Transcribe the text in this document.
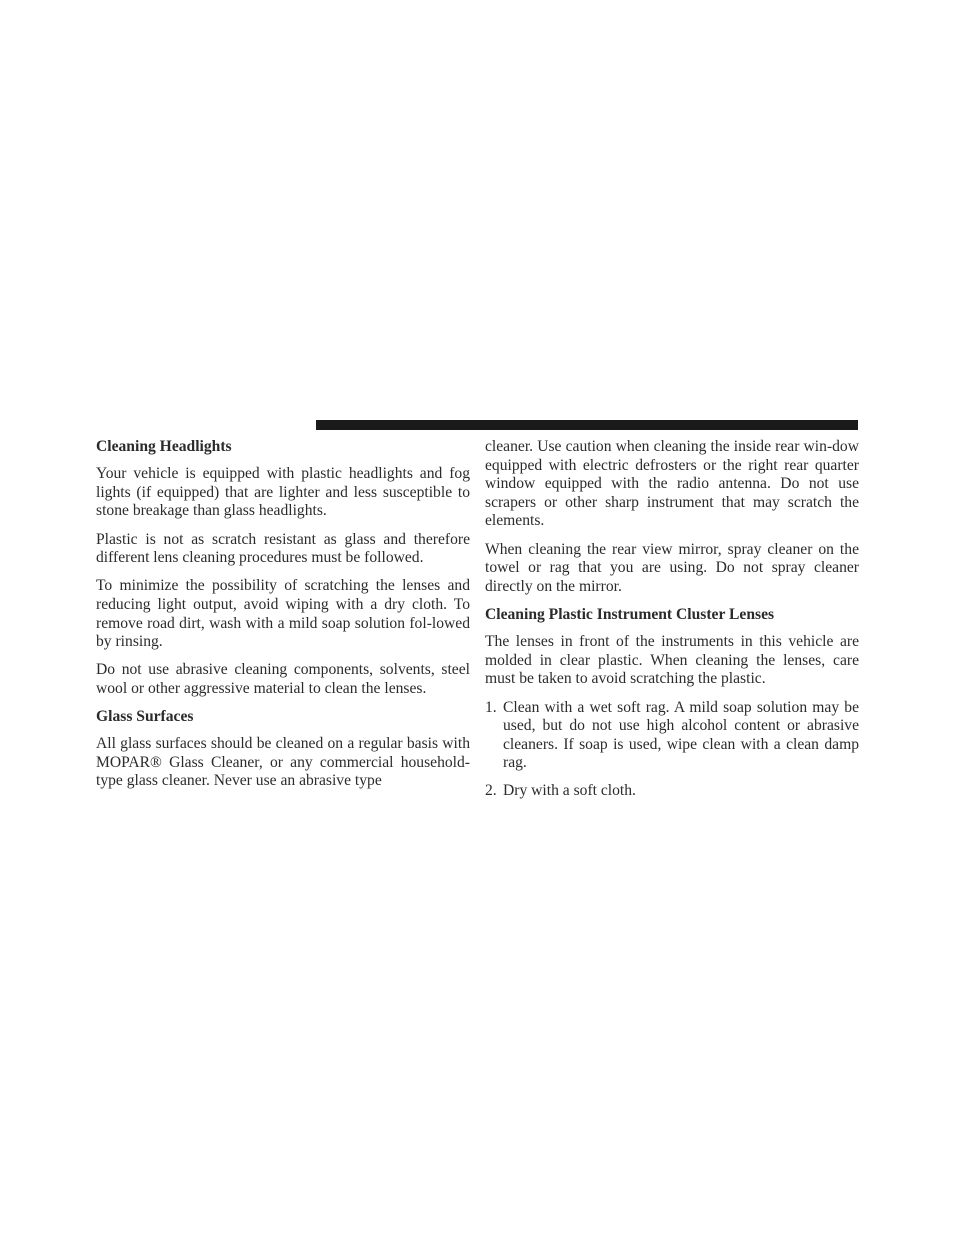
Cleaning Headlights

Your vehicle is equipped with plastic headlights and fog lights (if equipped) that are lighter and less susceptible to stone breakage than glass headlights.

Plastic is not as scratch resistant as glass and therefore different lens cleaning procedures must be followed.

To minimize the possibility of scratching the lenses and reducing light output, avoid wiping with a dry cloth. To remove road dirt, wash with a mild soap solution fol-lowed by rinsing.

Do not use abrasive cleaning components, solvents, steel wool or other aggressive material to clean the lenses.

Glass Surfaces

All glass surfaces should be cleaned on a regular basis with MOPAR® Glass Cleaner, or any commercial household-type glass cleaner. Never use an abrasive type

cleaner. Use caution when cleaning the inside rear win-dow equipped with electric defrosters or the right rear quarter window equipped with the radio antenna. Do not use scrapers or other sharp instrument that may scratch the elements.

When cleaning the rear view mirror, spray cleaner on the towel or rag that you are using. Do not spray cleaner directly on the mirror.

Cleaning Plastic Instrument Cluster Lenses

The lenses in front of the instruments in this vehicle are molded in clear plastic. When cleaning the lenses, care must be taken to avoid scratching the plastic.

1. Clean with a wet soft rag. A mild soap solution may be used, but do not use high alcohol content or abrasive cleaners. If soap is used, wipe clean with a clean damp rag.
2. Dry with a soft cloth.
